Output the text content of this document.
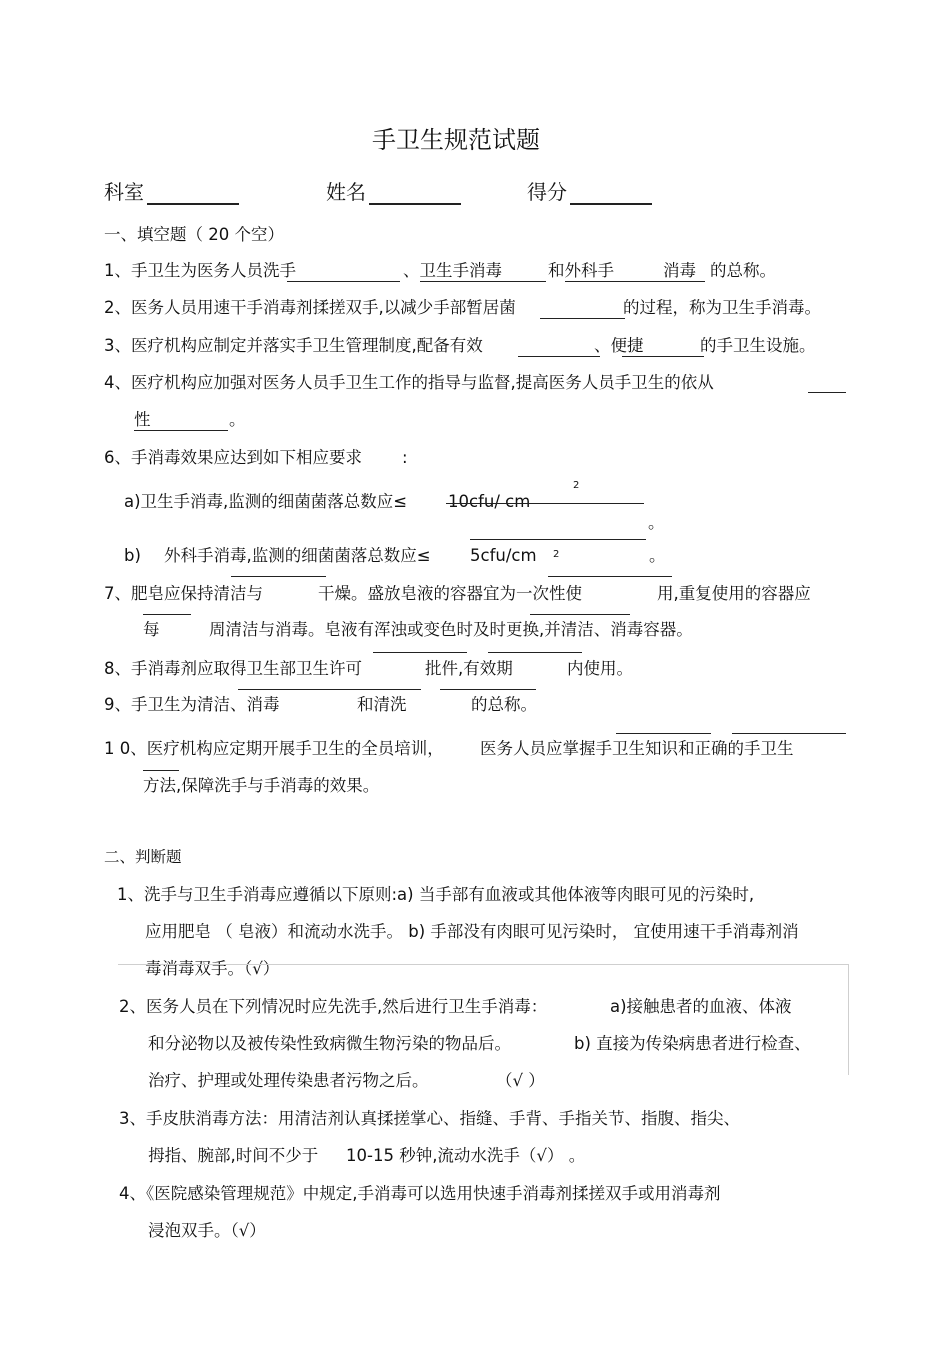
手卫生规范试题
科室	姓名	得分
一、填空题（ 20 个空）
1、手卫生为医务人员洗手	、卫生手消毒	和外科手	消毒 的总称。
2、医务人员用速干手消毒剂揉搓双手,以减少手部暂居菌	的过程，称为卫生手消毒。
3、医疗机构应制定并落实手卫生管理制度,配备有效	、便捷	的手卫生设施。
4、医疗机构应加强对医务人员手卫生工作的指导与监督,提高医务人员手卫生的依从
性	。
6、手消毒效果应达到如下相应要求 :
a)卫生手消毒,监测的细菌菌落总数应≤ 10cfu/ cm
2
。
b) 外科手消毒,监测的细菌菌落总数应≤ 5cfu/cm 2	。
7、肥皂应保持清洁与	干燥。盛放皂液的容器宜为一次性使	用,重复使用的容器应
每	周清洁与消毒。皂液有浑浊或变色时及时更换,并清洁、消毒容器。
8、手消毒剂应取得卫生部卫生许可	批件,有效期	内使用。
9、手卫生为清洁、消毒	和清洗	的总称。
1 0、医疗机构应定期开展手卫生的全员培训， 医务人员应掌握手卫生知识和正确的手卫生
方法,保障洗手与手消毒的效果。
二、判断题
1、洗手与卫生手消毒应遵循以下原则:a) 当手部有血液或其他体液等肉眼可见的污染时,
应用肥皂 （ 皂液）和流动水洗手。 b) 手部没有肉眼可见污染时， 宜使用速干手消毒剂消
毒消毒双手。（√）
2、医务人员在下列情况时应先洗手,然后进行卫生手消毒：	a)接触患者的血液、体液
和分泌物以及被传染性致病微生物污染的物品后。	b) 直接为传染病患者进行检查、
治疗、护理或处理传染患者污物之后。	（√ ）
3、手皮肤消毒方法：用清洁剂认真揉搓掌心、指缝、手背、手指关节、指腹、指尖、
拇指、腕部,时间不少于 10-15 秒钟,流动水洗手（√） 。
4、《医院感染管理规范》中规定,手消毒可以选用快速手消毒剂揉搓双手或用消毒剂
浸泡双手。（√）
